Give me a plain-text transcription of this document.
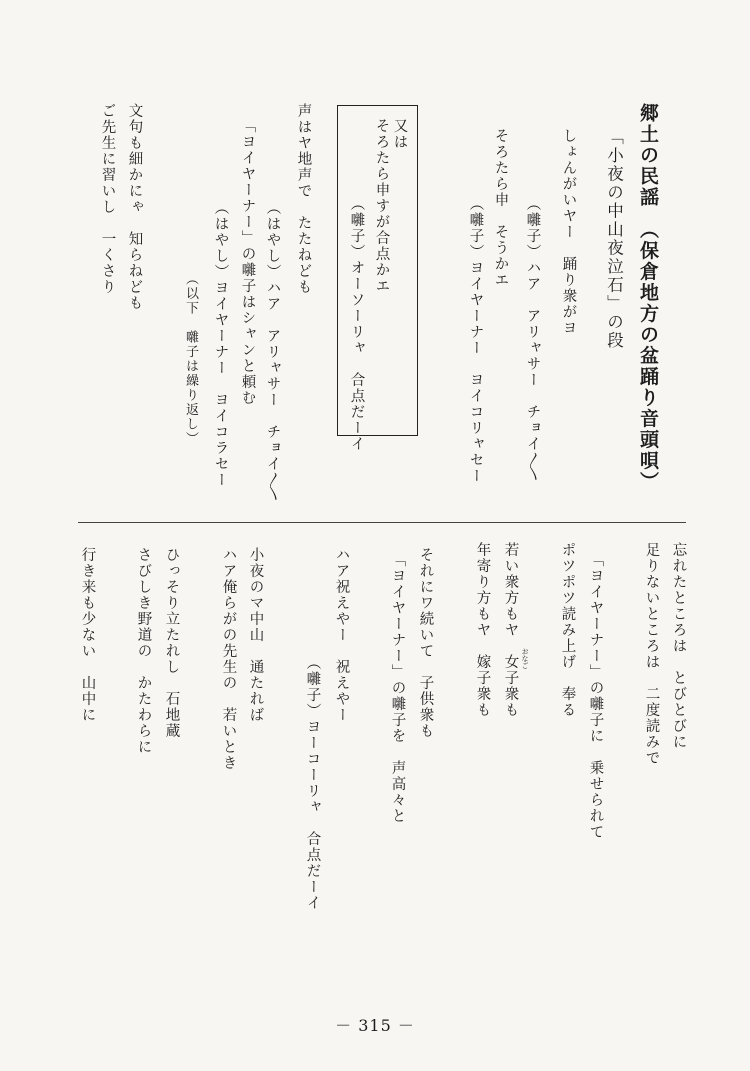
郷土の民謡　（保倉地方の盆踊り音頭唄）
「小夜の中山夜泣石」の段
しょんがいヤー　踊り衆がヨ
（囃子）ハア　アリャサー　チョイ〳〵
そろたら申　そうかエ
（囃子）ヨイヤーナー　ヨイコリャセー
又は
そろたら申すが合点かエ
（囃子）オーソーリャ　合点だーイ
声はヤ地声で　たたねども
（はやし）ハア　アリャサー　チョイ〳〵
「ヨイヤーナー」の囃子はシャンと頼む
（はやし）ヨイヤーナー　ヨイコラセー
（以下　囃子は繰り返し）
文句も細かにゃ　知らねども
ご先生に習いし　一くさり
忘れたところは　とびとびに
足りないところは　二度読みで
「ヨイヤーナー」の囃子に　乗せられて
ポツポツ読み上げ　奉る
若い衆方もヤ　女子衆も おなご
年寄り方もヤ　嫁子衆も
それにワ続いて　子供衆も
「ヨイヤーナー」の囃子を　声高々と
ハア祝えやー　祝えやー
（囃子）ヨーコーリャ　合点だーイ
小夜のマ中山　通たれば
ハア俺らがの先生の　若いとき
ひっそり立たれし　石地蔵
さびしき野道の　かたわらに
行き来も少ない　山中に
－ 315 －
